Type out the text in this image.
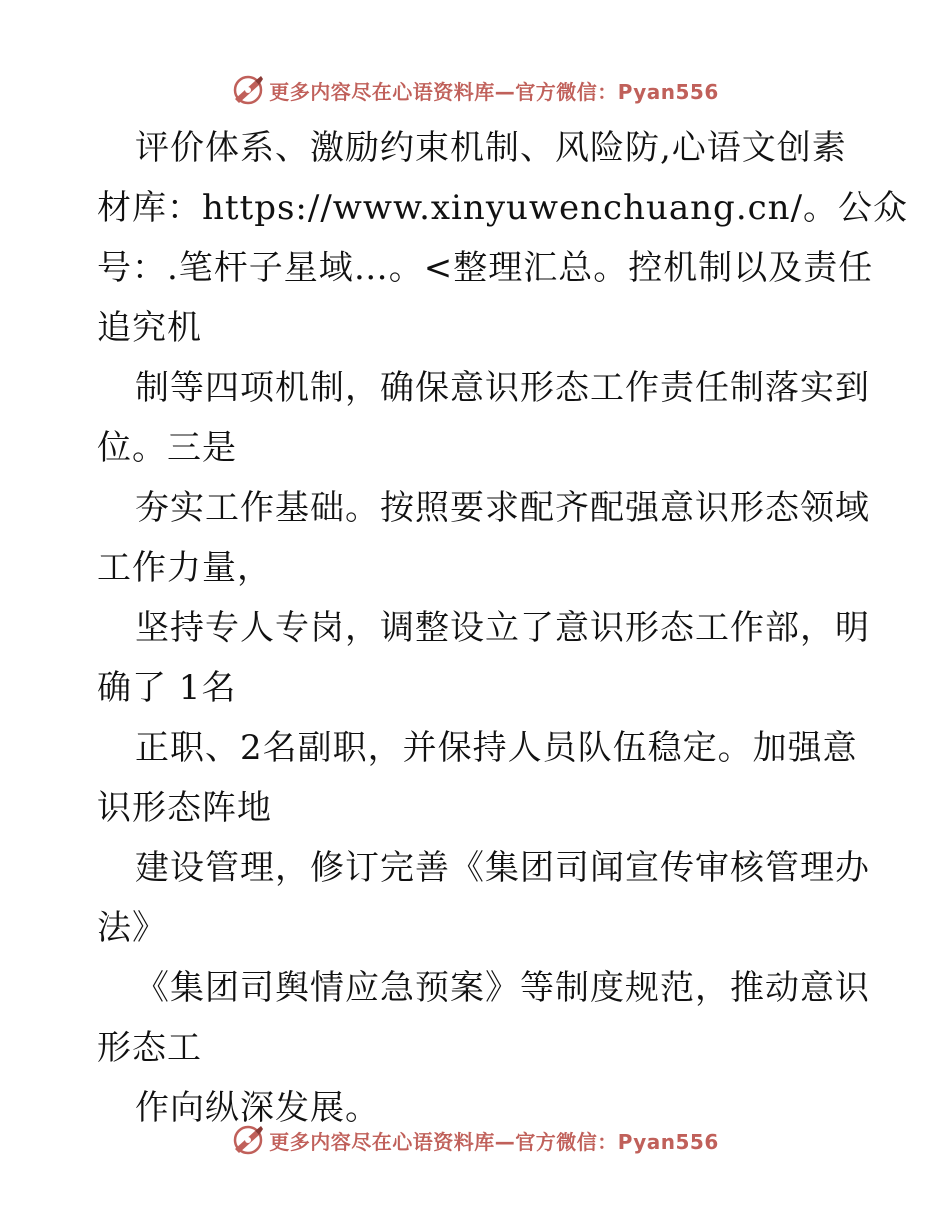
更多内容尽在心语资料库—官方微信：Pyan556
评价体系、激励约束机制、风险防,心语文创素
材库：https://www.xinyuwenchuang.cn/。公众
号：.笔杆子星域…。<整理汇总。控机制以及责任
追究机
制等四项机制，确保意识形态工作责任制落实到
位。三是
夯实工作基础。按照要求配齐配强意识形态领域
工作力量，
坚持专人专岗，调整设立了意识形态工作部，明
确了 1名
正职、2名副职，并保持人员队伍稳定。加强意
识形态阵地
建设管理，修订完善《集团司闻宣传审核管理办
法》
《集团司舆情应急预案》等制度规范，推动意识
形态工
作向纵深发展。
更多内容尽在心语资料库—官方微信：Pyan556
